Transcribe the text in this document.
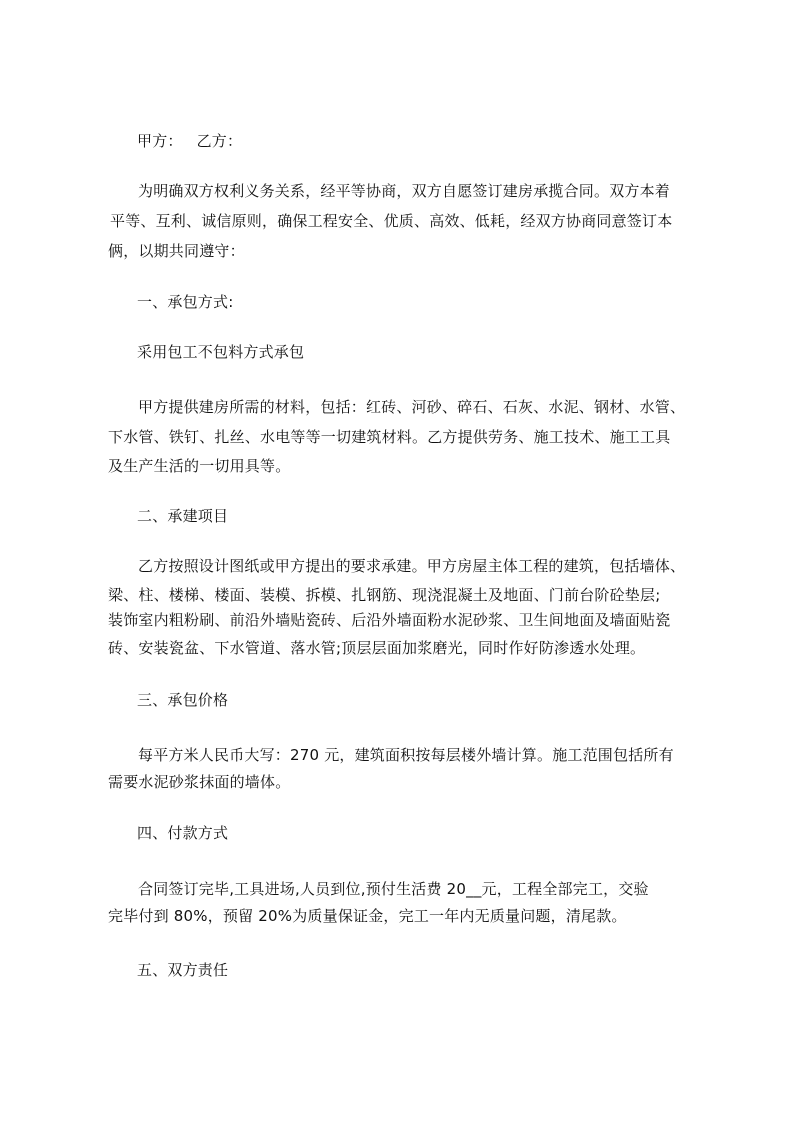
甲方： 乙方：
为明确双方权利义务关系，经平等协商，双方自愿签订建房承揽合同。双方本着
平等、互利、诚信原则，确保工程安全、优质、高效、低耗，经双方协商同意签订本
俩，以期共同遵守：
一、承包方式:
采用包工不包料方式承包
甲方提供建房所需的材料，包括：红砖、河砂、碎石、石灰、水泥、钢材、水管、
下水管、铁钉、扎丝、水电等等一切建筑材料。乙方提供劳务、施工技术、施工工具
及生产生活的一切用具等。
二、承建项目
乙方按照设计图纸或甲方提出的要求承建。甲方房屋主体工程的建筑，包括墙体、
梁、柱、楼梯、楼面、装模、拆模、扎钢筋、现浇混凝土及地面、门前台阶砼垫层;
装饰室内粗粉刷、前沿外墙贴瓷砖、后沿外墙面粉水泥砂浆、卫生间地面及墙面贴瓷
砖、安装瓷盆、下水管道、落水管;顶层层面加浆磨光，同时作好防渗透水处理。
三、承包价格
每平方米人民币大写：270 元，建筑面积按每层楼外墙计算。施工范围包括所有
需要水泥砂浆抹面的墙体。
四、付款方式
合同签订完毕,工具进场,人员到位,预付生活费 20__元，工程全部完工，交验
完毕付到 80%，预留 20%为质量保证金，完工一年内无质量问题，清尾款。
五、双方责任
